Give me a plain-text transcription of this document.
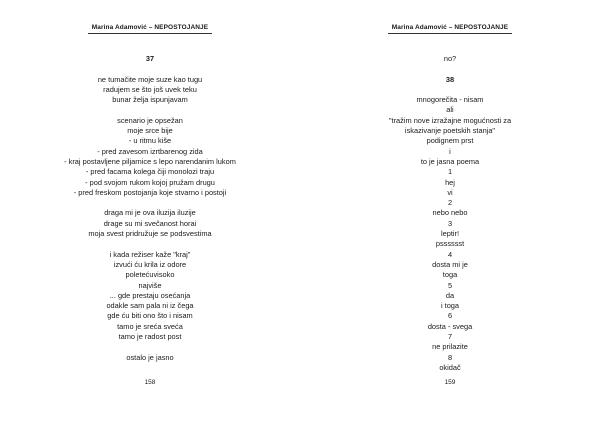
Marina Adamović – NEPOSTOJANJE
37
ne tumačite moje suze kao tugu
radujem se što još uvek teku
bunar želja ispunjavam
scenario je opsežan
moje srce bije
- u ritmu kiše
- pred zavesom izrtbarenog zida
- kraj postavljene piljarnice s lepo narendanim lukom
- pred facama kolega čiji monolozi traju
- pod svojom rukom kojoj pružam drugu
- pred freskom postojanja koje stvarno i postoji
draga mi je ova iluzija iluzije
drage su mi svečanost horai
moja svest pridružuje se podsvestima
i kada režiser kaže "kraj"
izvući ću krila iz odore
poletećuvisoko
najviše
... gde prestaju osećanja
odakle sam pala ni iz čega
gde ću biti ono što i nisam
tamo je sreća sveća
tamo je radost post
ostalo je jasno
158
Marina Adamović – NEPOSTOJANJE
no?
38
mnogorečita - nisam
ali
"tražim nove izražajne mogućnosti za iskazivanje poetskih stanja"
podignem prst
i
to je jasna poema
1
hej
vi
2
nebo nebo
3
leptir!
psssssst
4
dosta mi je
toga
5
da
i toga
6
dosta - svega
7
ne prilazite
8
okidač
159
